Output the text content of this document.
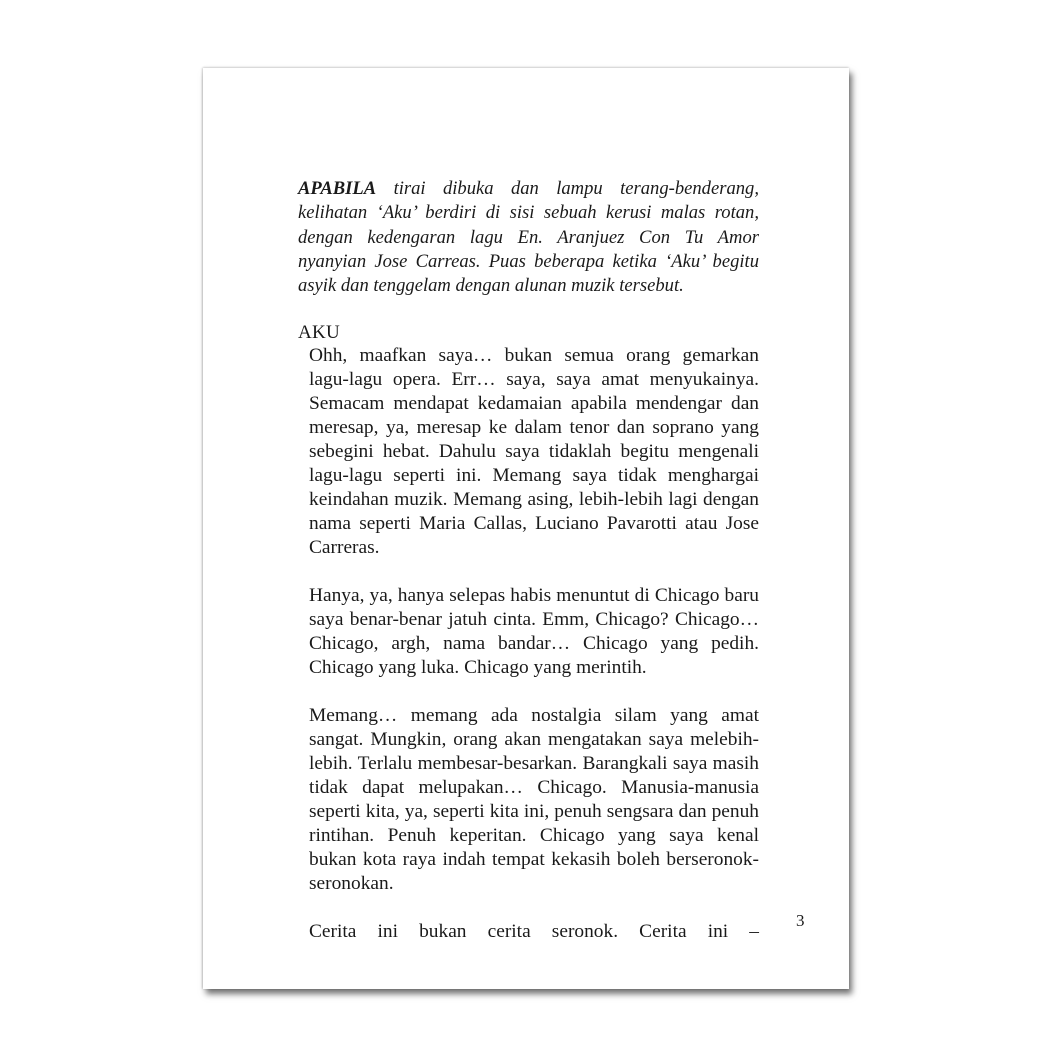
APABILA tirai dibuka dan lampu terang-benderang, kelihatan ‘Aku’ berdiri di sisi sebuah kerusi malas rotan, dengan kedengaran lagu En. Aranjuez Con Tu Amor nyanyian Jose Carreas. Puas beberapa ketika ‘Aku’ begitu asyik dan tenggelam dengan alunan muzik tersebut.

AKU

Ohh, maafkan saya… bukan semua orang gemarkan lagu-lagu opera. Err… saya, saya amat menyukainya. Semacam mendapat kedamaian apabila mendengar dan meresap, ya, meresap ke dalam tenor dan soprano yang sebegini hebat. Dahulu saya tidaklah begitu mengenali lagu-lagu seperti ini. Memang saya tidak menghargai keindahan muzik. Memang asing, lebih-lebih lagi dengan nama seperti Maria Callas, Luciano Pavarotti atau Jose Carreras.

Hanya, ya, hanya selepas habis menuntut di Chicago baru saya benar-benar jatuh cinta. Emm, Chicago? Chicago… Chicago, argh, nama bandar… Chicago yang pedih. Chicago yang luka. Chicago yang merintih.

Memang… memang ada nostalgia silam yang amat sangat. Mungkin, orang akan mengatakan saya melebih-lebih. Terlalu membesar-besarkan. Barangkali saya masih tidak dapat melupakan… Chicago. Manusia-manusia seperti kita, ya, seperti kita ini, penuh sengsara dan penuh rintihan. Penuh keperitan. Chicago yang saya kenal bukan kota raya indah tempat kekasih boleh berseronok-seronokan.

Cerita ini bukan cerita seronok. Cerita ini – 3
